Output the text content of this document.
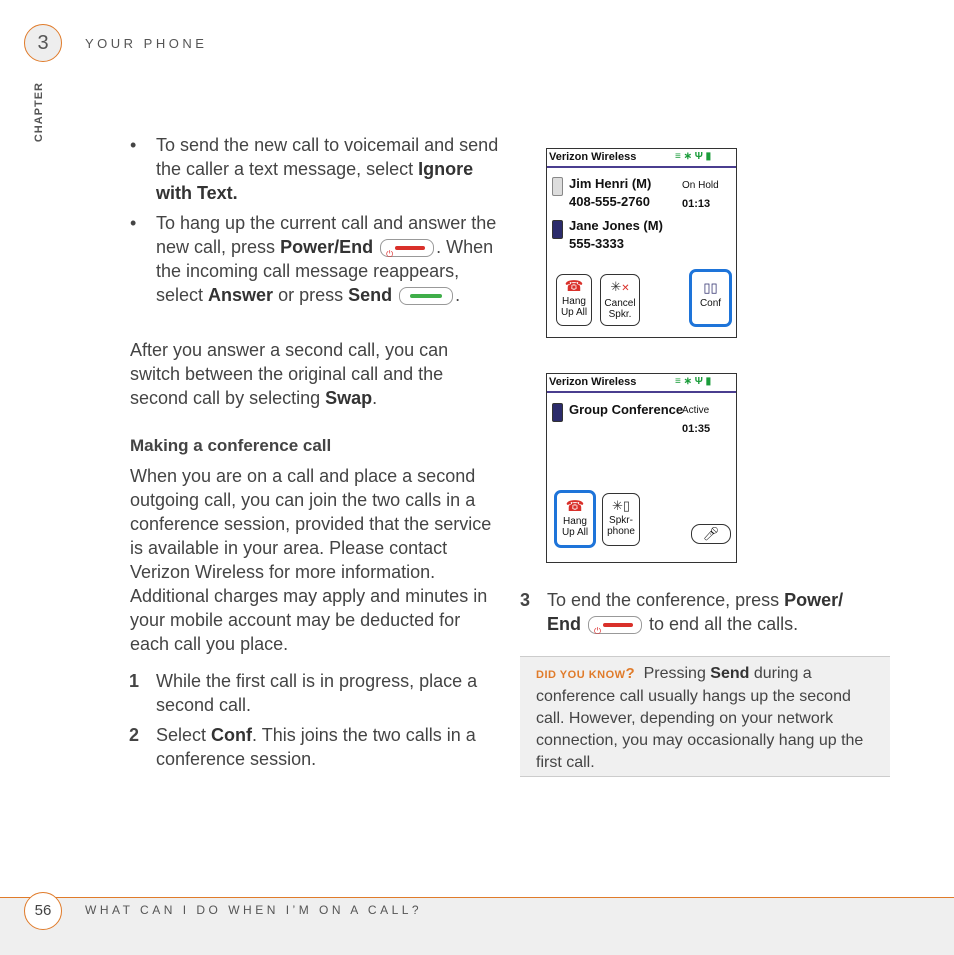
3	YOUR PHONE
CHAPTER
• To send the new call to voicemail and send the caller a text message, select Ignore with Text.
• To hang up the current call and answer the new call, press Power/End ⏻ . When the incoming call message reappears, select Answer or press Send	.
After you answer a second call, you can switch between the original call and the second call by selecting Swap.
Making a conference call
When you are on a call and place a second outgoing call, you can join the two calls in a conference session, provided that the service is available in your area. Please contact Verizon Wireless for more information. Additional charges may apply and minutes in your mobile account may be deducted for each call you place.
1 While the first call is in progress, place a second call.
2 Select Conf. This joins the two calls in a conference session.
Verizon Wireless	≡ ∗ Ψ ▮
Jim Henri (M)
408-555-2760
On Hold
01:13
Jane Jones (M)
555-3333
☎
Hang
Up All
✳✕
Cancel
Spkr.
▯▯
Conf
Verizon Wireless	≡ ∗ Ψ ▮
Group Conference
Active
01:35
☎
Hang
Up All
✳▯
Spkr-
phone	🎤︎
3 To end the conference, press Power/ End ⏻ to end all the calls.
DID YOU KNOW? Pressing Send during a conference call usually hangs up the second call. However, depending on your network connection, you may occasionally hang up the first call.
56	WHAT CAN I DO WHEN I’M ON A CALL?
